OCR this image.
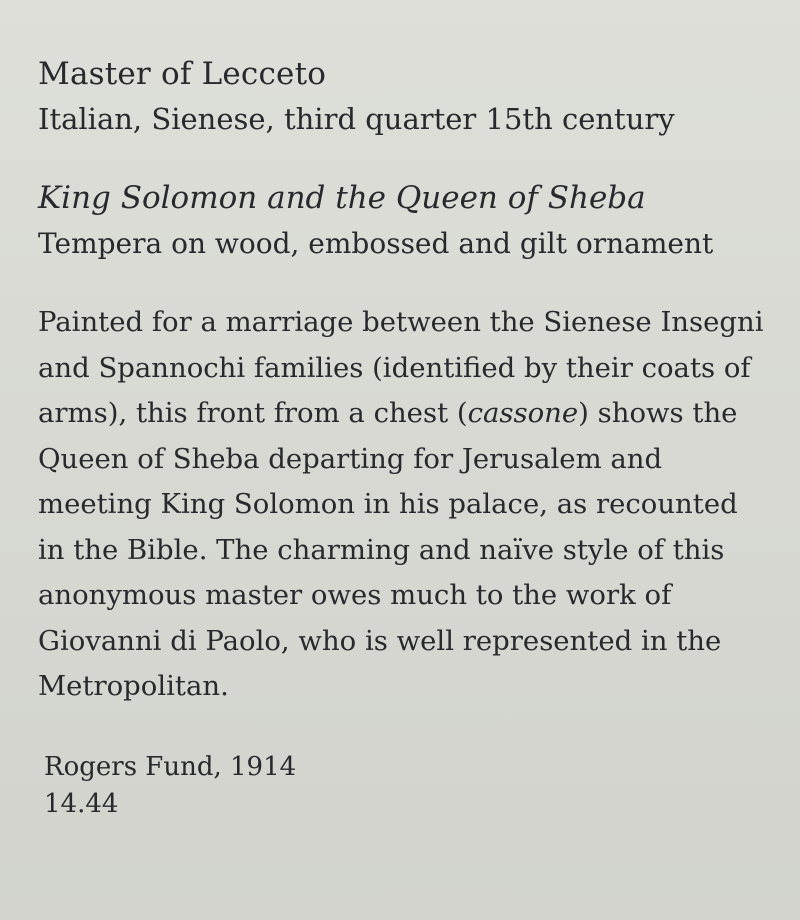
Master of Lecceto

Italian, Sienese, third quarter 15th century

King Solomon and the Queen of Sheba

Tempera on wood, embossed and gilt ornament

Painted for a marriage between the Sienese Insegni and Spannochi families (identified by their coats of arms), this front from a chest (cassone) shows the Queen of Sheba departing for Jerusalem and meeting King Solomon in his palace, as recounted in the Bible. The charming and naïve style of this anonymous master owes much to the work of Giovanni di Paolo, who is well represented in the Metropolitan.

Rogers Fund, 1914

14.44
